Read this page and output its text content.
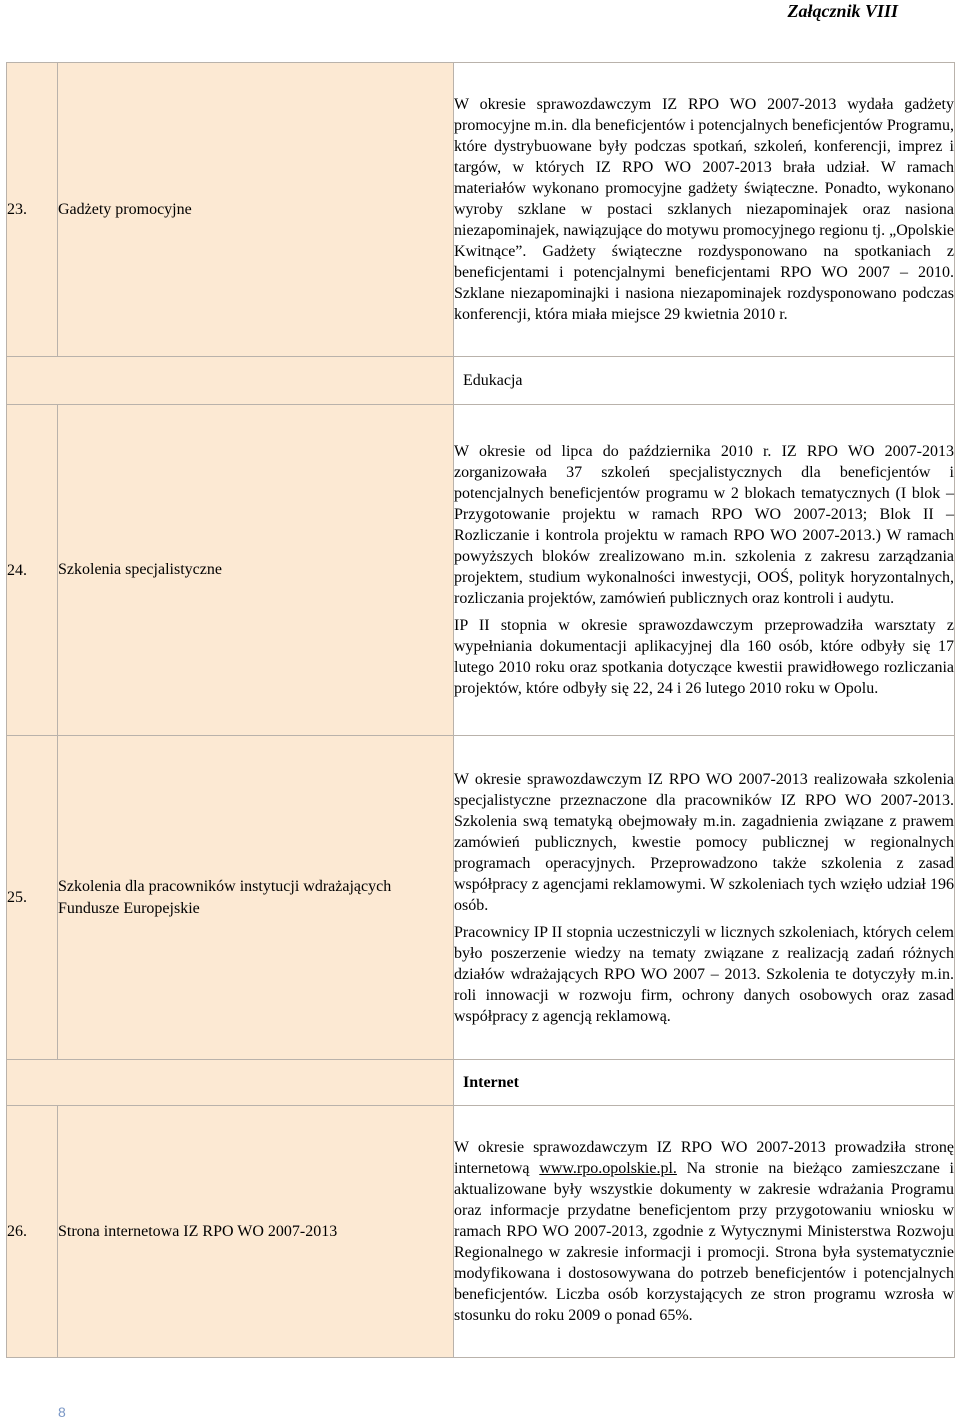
Załącznik VIII
23.	Gadżety promocyjne	W okresie sprawozdawczym IZ RPO WO 2007-2013 wydała gadżety promocyjne m.in. dla beneficjentów i potencjalnych beneficjentów Programu, które dystrybuowane były podczas spotkań, szkoleń, konferencji, imprez i targów, w których IZ RPO WO 2007-2013 brała udział. W ramach materiałów wykonano promocyjne gadżety świąteczne. Ponadto, wykonano wyroby szklane w postaci szklanych niezapominajek oraz nasiona niezapominajek, nawiązujące do motywu promocyjnego regionu tj. „Opolskie Kwitnące”. Gadżety świąteczne rozdysponowano na spotkaniach z beneficjentami i potencjalnymi beneficjentami RPO WO 2007 – 2010. Szklane niezapominajki i nasiona niezapominajek rozdysponowano podczas konferencji, która miała miejsce 29 kwietnia 2010 r.

		Edukacja
24.	Szkolenia specjalistyczne	W okresie od lipca do października 2010 r. IZ RPO WO 2007-2013 zorganizowała 37 szkoleń specjalistycznych dla beneficjentów i potencjalnych beneficjentów programu w 2 blokach tematycznych (I blok – Przygotowanie projektu w ramach RPO WO 2007-2013; Blok II – Rozliczanie i kontrola projektu w ramach RPO WO 2007-2013.) W ramach powyższych bloków zrealizowano m.in. szkolenia z zakresu zarządzania projektem, studium wykonalności inwestycji, OOŚ, polityk horyzontalnych, rozliczania projektów, zamówień publicznych oraz kontroli i audytu.

IP II stopnia w okresie sprawozdawczym przeprowadziła warsztaty z wypełniania dokumentacji aplikacyjnej dla 160 osób, które odbyły się 17 lutego 2010 roku oraz spotkania dotyczące kwestii prawidłowego rozliczania projektów, które odbyły się 22, 24 i 26 lutego 2010 roku w Opolu.

25.	Szkolenia dla pracowników instytucji wdrażających Fundusze Europejskie	W okresie sprawozdawczym IZ RPO WO 2007-2013 realizowała szkolenia specjalistyczne przeznaczone dla pracowników IZ RPO WO 2007-2013. Szkolenia swą tematyką obejmowały m.in. zagadnienia związane z prawem zamówień publicznych, kwestie pomocy publicznej w regionalnych programach operacyjnych. Przeprowadzono także szkolenia z zasad współpracy z agencjami reklamowymi. W szkoleniach tych wzięło udział 196 osób.

Pracownicy IP II stopnia uczestniczyli w licznych szkoleniach, których celem było poszerzenie wiedzy na tematy związane z realizacją zadań różnych działów wdrażających RPO WO 2007 – 2013. Szkolenia te dotyczyły m.in. roli innowacji w rozwoju firm, ochrony danych osobowych oraz zasad współpracy z agencją reklamową.

		Internet
26.	Strona internetowa IZ RPO WO 2007-2013	W okresie sprawozdawczym IZ RPO WO 2007-2013 prowadziła stronę internetową www.rpo.opolskie.pl. Na stronie na bieżąco zamieszczane i aktualizowane były wszystkie dokumenty w zakresie wdrażania Programu oraz informacje przydatne beneficjentom przy przygotowaniu wniosku w ramach RPO WO 2007-2013, zgodnie z Wytycznymi Ministerstwa Rozwoju Regionalnego w zakresie informacji i promocji. Strona była systematycznie modyfikowana i dostosowywana do potrzeb beneficjentów i potencjalnych beneficjentów. Liczba osób korzystających ze stron programu wzrosła w stosunku do roku 2009 o ponad 65%.

8
